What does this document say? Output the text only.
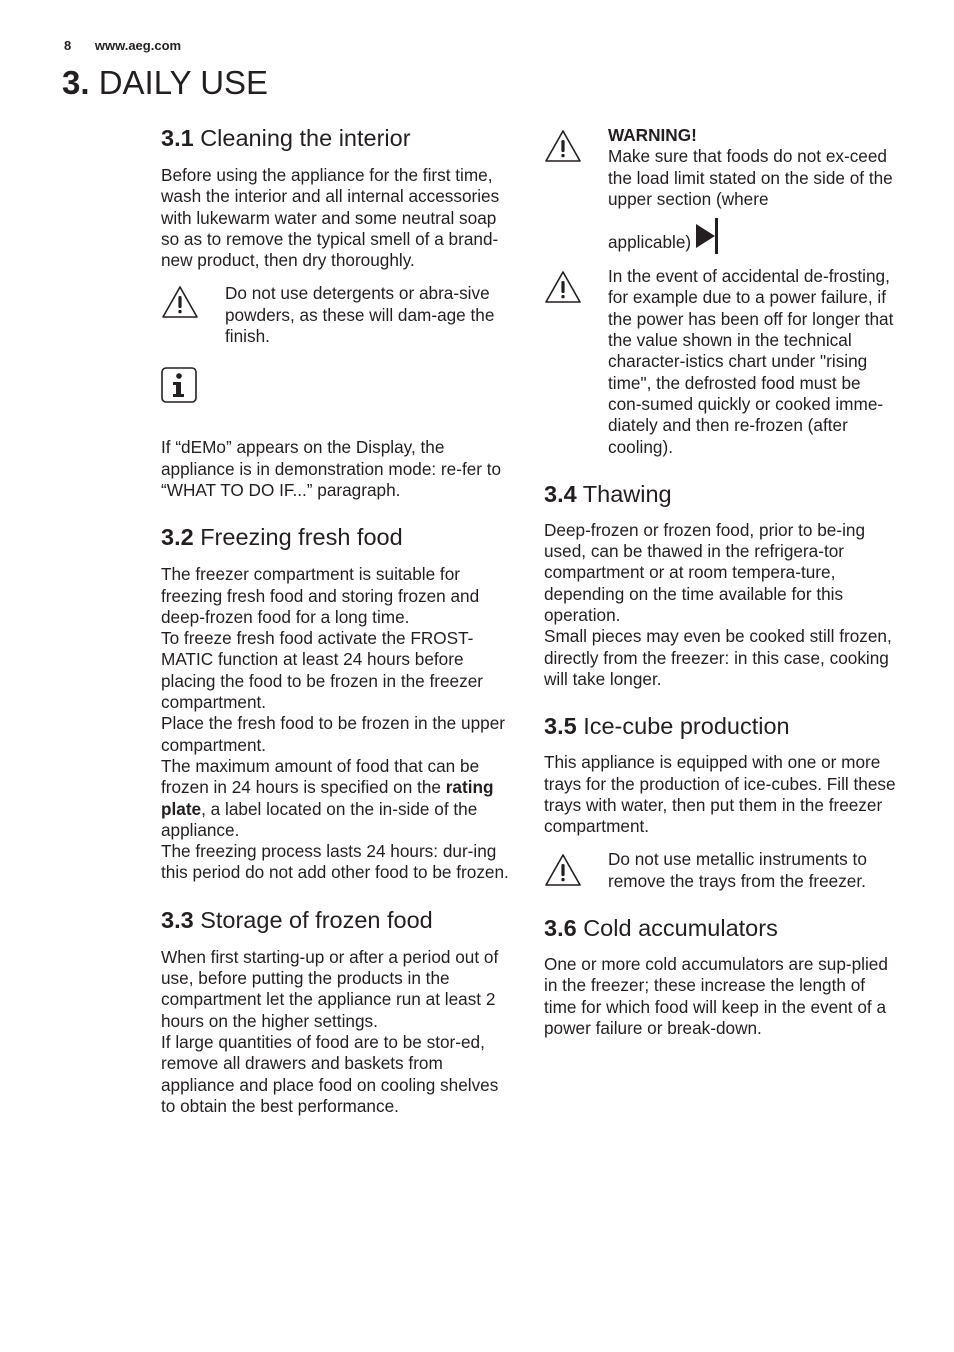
8 www.aeg.com
3. DAILY USE
3.1 Cleaning the interior

Before using the appliance for the first time, wash the interior and all internal accessories with lukewarm water and some neutral soap so as to remove the typical smell of a brand-new product, then dry thoroughly.

Do not use detergents or abra-sive powders, as these will dam-age the finish.

If “dEMo” appears on the Display, the appliance is in demonstration mode: re-fer to “WHAT TO DO IF...” paragraph.

3.2 Freezing fresh food

The freezer compartment is suitable for freezing fresh food and storing frozen and deep-frozen food for a long time.

To freeze fresh food activate the FROST-MATIC function at least 24 hours before placing the food to be frozen in the freezer compartment.

Place the fresh food to be frozen in the upper compartment.

The maximum amount of food that can be frozen in 24 hours is specified on the rating plate, a label located on the in-side of the appliance.

The freezing process lasts 24 hours: dur-ing this period do not add other food to be frozen.

3.3 Storage of frozen food

When first starting-up or after a period out of use, before putting the products in the compartment let the appliance run at least 2 hours on the higher settings.

If large quantities of food are to be stor-ed, remove all drawers and baskets from appliance and place food on cooling shelves to obtain the best performance.

WARNING!

Make sure that foods do not ex-ceed the load limit stated on the side of the upper section (where

applicable)

In the event of accidental de-frosting, for example due to a power failure, if the power has been off for longer that the value shown in the technical character-istics chart under "rising time", the defrosted food must be con-sumed quickly or cooked imme-diately and then re-frozen (after cooling).

3.4 Thawing

Deep-frozen or frozen food, prior to be-ing used, can be thawed in the refrigera-tor compartment or at room tempera-ture, depending on the time available for this operation.

Small pieces may even be cooked still frozen, directly from the freezer: in this case, cooking will take longer.

3.5 Ice-cube production

This appliance is equipped with one or more trays for the production of ice-cubes. Fill these trays with water, then put them in the freezer compartment.

Do not use metallic instruments to remove the trays from the freezer.

3.6 Cold accumulators

One or more cold accumulators are sup-plied in the freezer; these increase the length of time for which food will keep in the event of a power failure or break-down.
